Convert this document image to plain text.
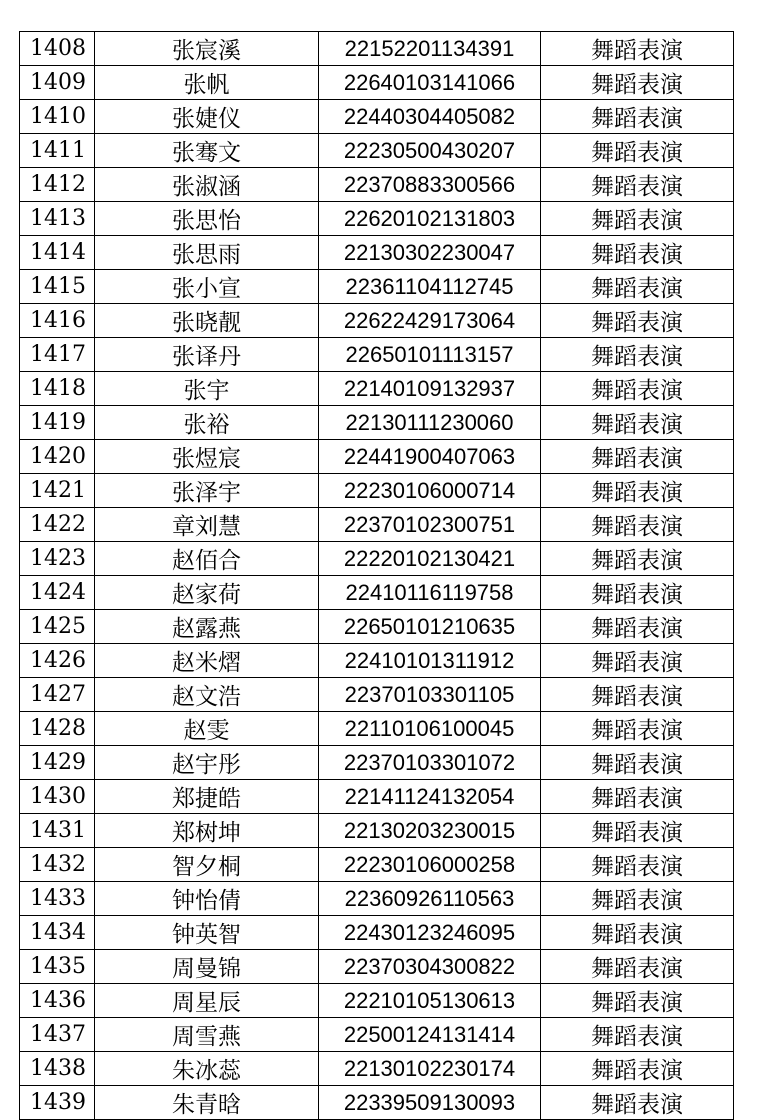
1408	张宸溪	22152201134391	舞蹈表演
1409	张帆	22640103141066	舞蹈表演
1410	张婕仪	22440304405082	舞蹈表演
1411	张骞文	22230500430207	舞蹈表演
1412	张淑涵	22370883300566	舞蹈表演
1413	张思怡	22620102131803	舞蹈表演
1414	张思雨	22130302230047	舞蹈表演
1415	张小宣	22361104112745	舞蹈表演
1416	张晓靓	22622429173064	舞蹈表演
1417	张译丹	22650101113157	舞蹈表演
1418	张宇	22140109132937	舞蹈表演
1419	张裕	22130111230060	舞蹈表演
1420	张煜宸	22441900407063	舞蹈表演
1421	张泽宇	22230106000714	舞蹈表演
1422	章刘慧	22370102300751	舞蹈表演
1423	赵佰合	22220102130421	舞蹈表演
1424	赵家荷	22410116119758	舞蹈表演
1425	赵露燕	22650101210635	舞蹈表演
1426	赵米熠	22410101311912	舞蹈表演
1427	赵文浩	22370103301105	舞蹈表演
1428	赵雯	22110106100045	舞蹈表演
1429	赵宇彤	22370103301072	舞蹈表演
1430	郑捷皓	22141124132054	舞蹈表演
1431	郑树坤	22130203230015	舞蹈表演
1432	智夕桐	22230106000258	舞蹈表演
1433	钟怡倩	22360926110563	舞蹈表演
1434	钟英智	22430123246095	舞蹈表演
1435	周曼锦	22370304300822	舞蹈表演
1436	周星辰	22210105130613	舞蹈表演
1437	周雪燕	22500124131414	舞蹈表演
1438	朱冰蕊	22130102230174	舞蹈表演
1439	朱青晗	22339509130093	舞蹈表演
